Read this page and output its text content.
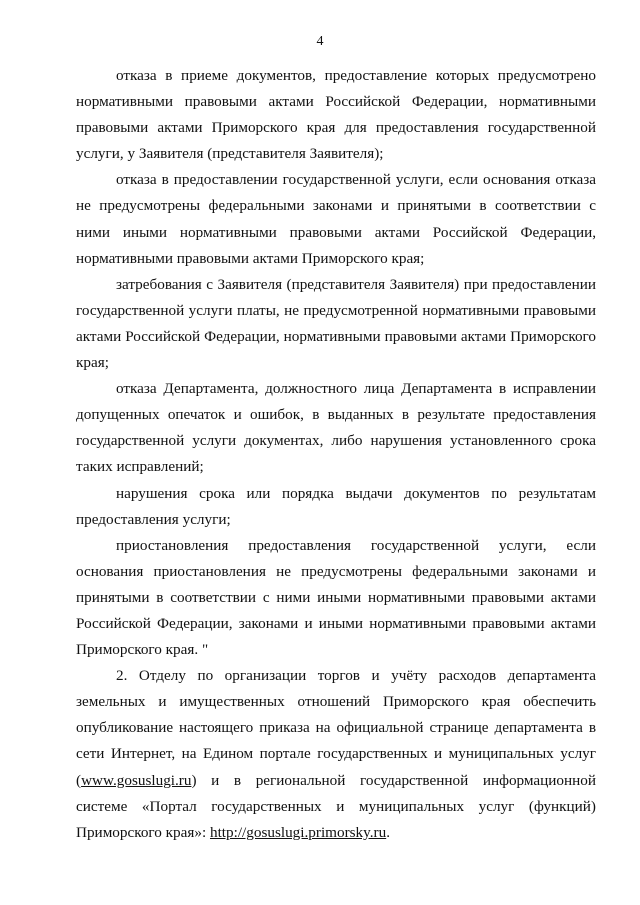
4

отказа в приеме документов, предоставление которых предусмотрено нормативными правовыми актами Российской Федерации, нормативными правовыми актами Приморского края для предоставления государственной услуги, у Заявителя (представителя Заявителя);

отказа в предоставлении государственной услуги, если основания отказа не предусмотрены федеральными законами и принятыми в соответствии с ними иными нормативными правовыми актами Российской Федерации, нормативными правовыми актами Приморского края;

затребования с Заявителя (представителя Заявителя) при предоставлении государственной услуги платы, не предусмотренной нормативными правовыми актами Российской Федерации, нормативными правовыми актами Приморского края;

отказа Департамента, должностного лица Департамента в исправлении допущенных опечаток и ошибок, в выданных в результате предоставления государственной услуги документах, либо нарушения установленного срока таких исправлений;

нарушения срока или порядка выдачи документов по результатам предоставления услуги;

приостановления предоставления государственной услуги, если основания приостановления не предусмотрены федеральными законами и принятыми в соответствии с ними иными нормативными правовыми актами Российской Федерации, законами и иными нормативными правовыми актами Приморского края. "

2. Отделу по организации торгов и учёту расходов департамента земельных и имущественных отношений Приморского края обеспечить опубликование настоящего приказа на официальной странице департамента в сети Интернет, на Едином портале государственных и муниципальных услуг (www.gosuslugi.ru) и в региональной государственной информационной системе «Портал государственных и муниципальных услуг (функций) Приморского края»: http://gosuslugi.primorsky.ru.
